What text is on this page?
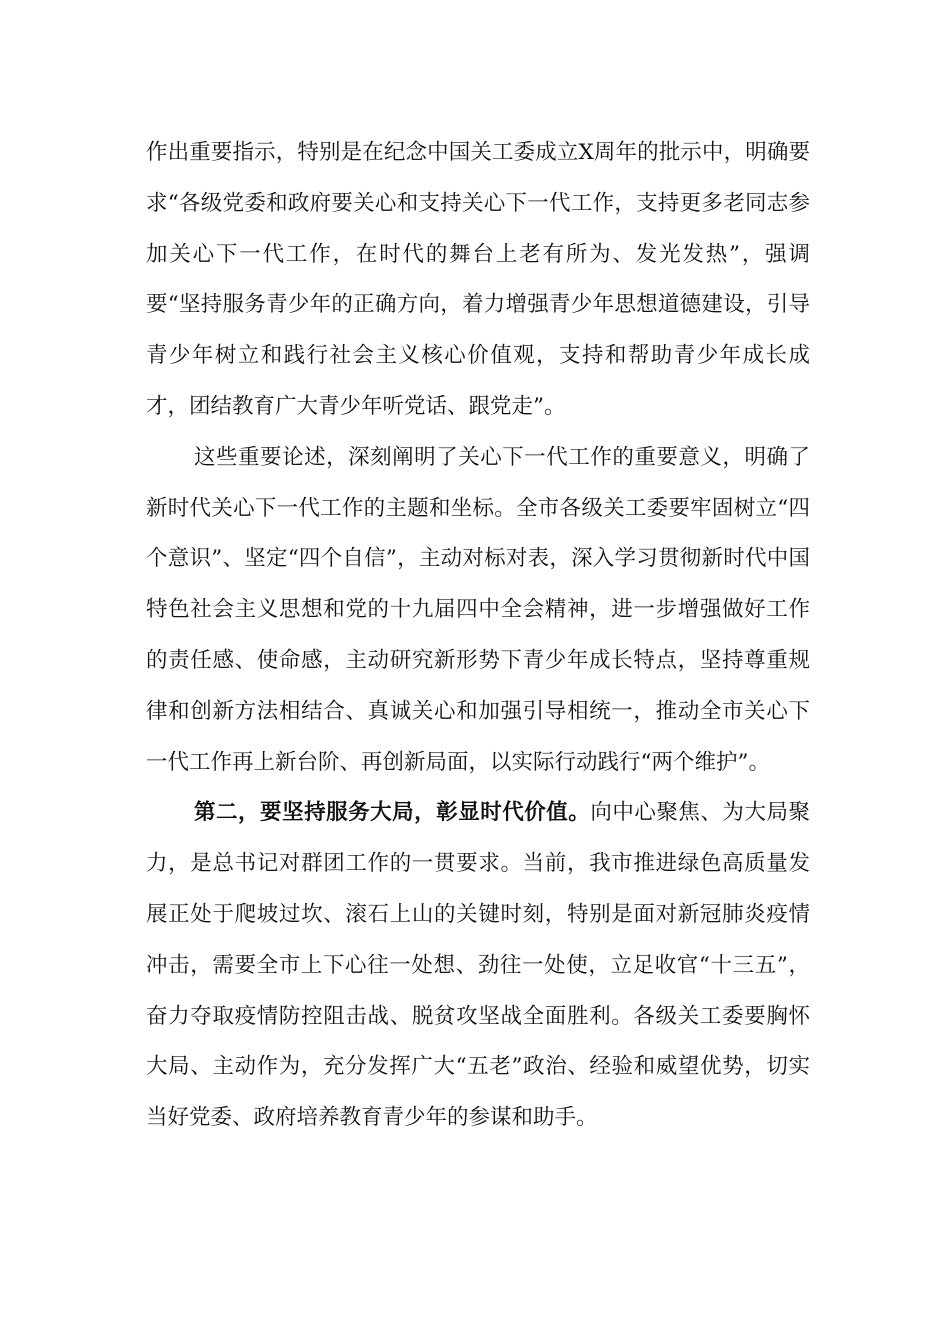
作出重要指示，特别是在纪念中国关工委成立X周年的批示中，明确要求“各级党委和政府要关心和支持关心下一代工作，支持更多老同志参加关心下一代工作，在时代的舞台上老有所为、发光发热”，强调要“坚持服务青少年的正确方向，着力增强青少年思想道德建设，引导青少年树立和践行社会主义核心价值观，支持和帮助青少年成长成才，团结教育广大青少年听党话、跟党走”。

这些重要论述，深刻阐明了关心下一代工作的重要意义，明确了新时代关心下一代工作的主题和坐标。全市各级关工委要牢固树立“四个意识”、坚定“四个自信”，主动对标对表，深入学习贯彻新时代中国特色社会主义思想和党的十九届四中全会精神，进一步增强做好工作的责任感、使命感，主动研究新形势下青少年成长特点，坚持尊重规律和创新方法相结合、真诚关心和加强引导相统一，推动全市关心下一代工作再上新台阶、再创新局面，以实际行动践行“两个维护”。

第二，要坚持服务大局，彰显时代价值。向中心聚焦、为大局聚力，是总书记对群团工作的一贯要求。当前，我市推进绿色高质量发展正处于爬坡过坎、滚石上山的关键时刻，特别是面对新冠肺炎疫情冲击，需要全市上下心往一处想、劲往一处使，立足收官“十三五”，奋力夺取疫情防控阻击战、脱贫攻坚战全面胜利。各级关工委要胸怀大局、主动作为，充分发挥广大“五老”政治、经验和威望优势，切实当好党委、政府培养教育青少年的参谋和助手。
